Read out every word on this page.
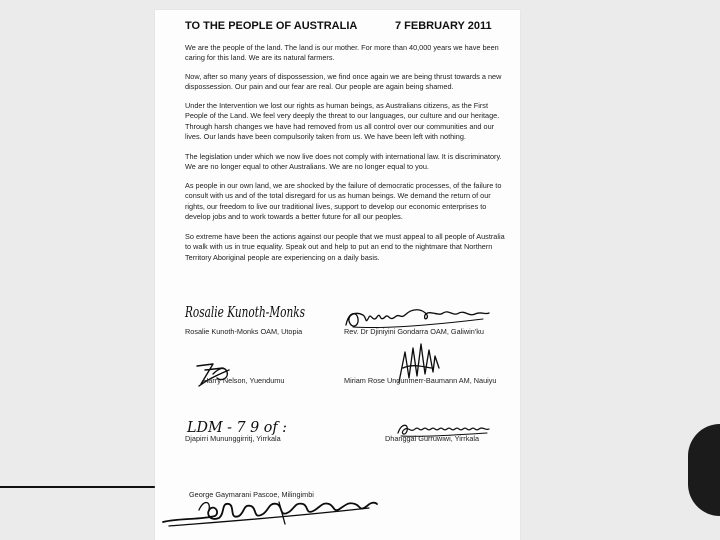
TO THE PEOPLE OF AUSTRALIA	7 FEBRUARY 2011

We are the people of the land. The land is our mother. For more than 40,000 years we have been caring for this land. We are its natural farmers.

Now, after so many years of dispossession, we find once again we are being thrust towards a new dispossession. Our pain and our fear are real. Our people are again being shamed.

Under the Intervention we lost our rights as human beings, as Australians citizens, as the First People of the Land. We feel very deeply the threat to our languages, our culture and our heritage. Through harsh changes we have had removed from us all control over our communities and our lives. Our lands have been compulsorily taken from us. We have been left with nothing.

The legislation under which we now live does not comply with international law. It is discriminatory. We are no longer equal to other Australians. We are no longer equal to you.

As people in our own land, we are shocked by the failure of democratic processes, of the failure to consult with us and of the total disregard for us as human beings. We demand the return of our rights, our freedom to live our traditional lives, support to develop our economic enterprises to develop jobs and to work towards a better future for all our peoples.

So extreme have been the actions against our people that we must appeal to all people of Australia to walk with us in true equality. Speak out and help to put an end to the nightmare that Northern Territory Aboriginal people are experiencing on a daily basis.

Rosalie Kunoth-Monks
Rosalie Kunoth-Monks OAM, Utopia	Rev. Dr Djiniyini Gondarra OAM, Galiwin'ku
Harry Nelson, Yuendumu	Miriam Rose Ungunmerr-Baumann AM, Nauiyu
LDM - 7 9 of :
Djapirri Mununggirritj, Yirrkala	Dhanggal Gurruwiwi, Yirrkala
George Gaymarani Pascoe, Milingimbi
